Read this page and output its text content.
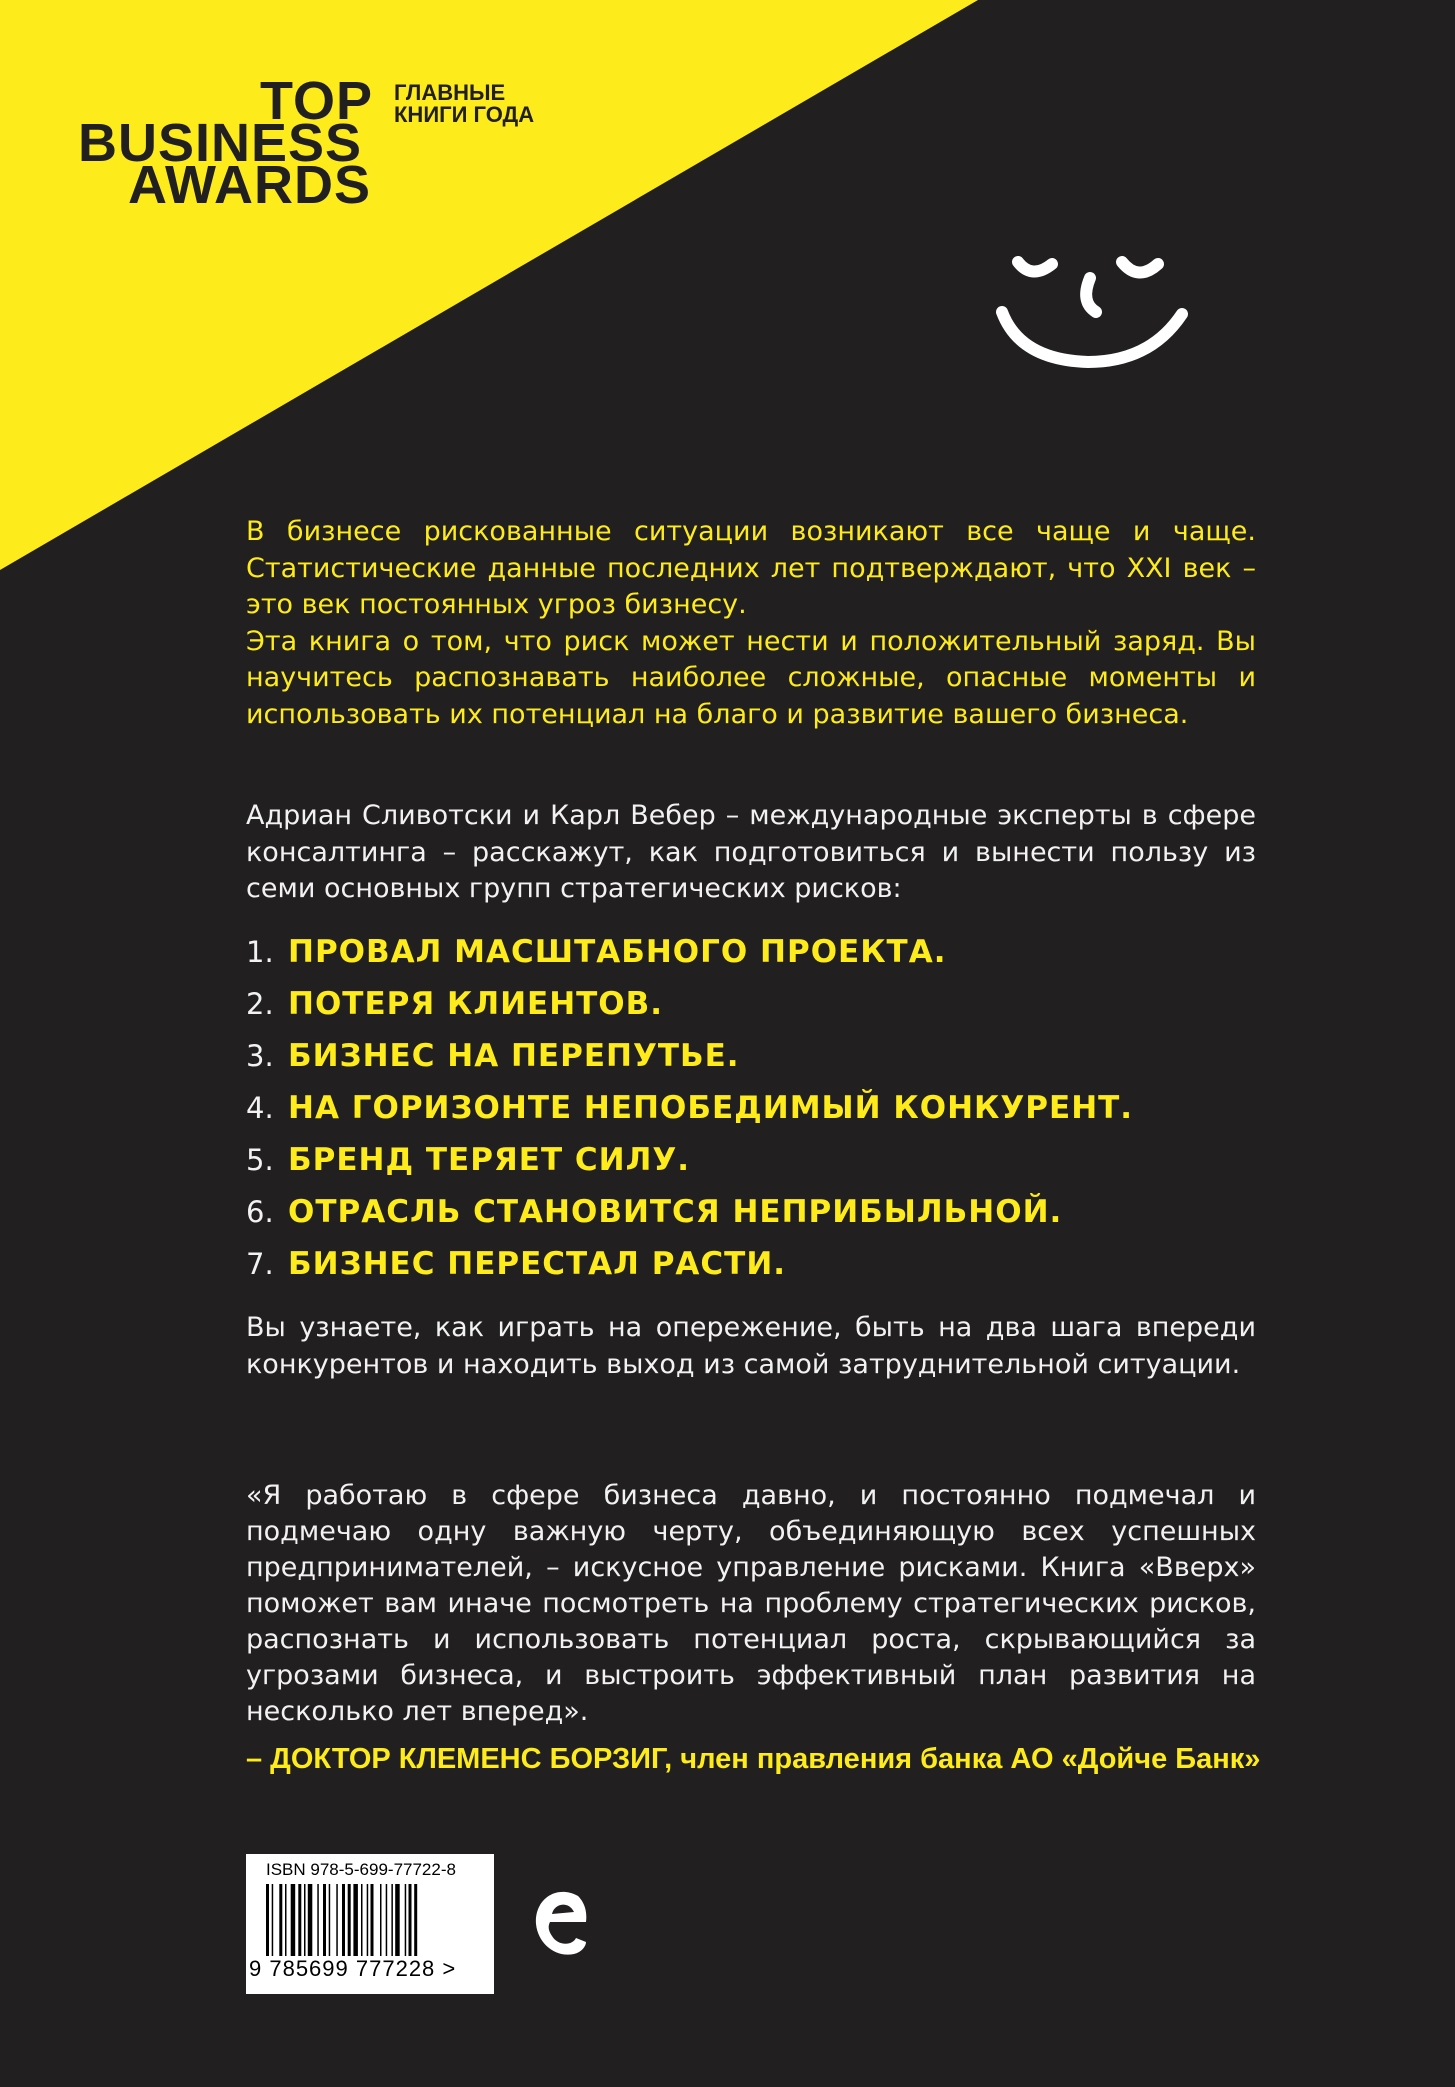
TOP
BUSINESS
AWARDS
ГЛАВНЫЕ
КНИГИ ГОДА
В бизнесе рискованные ситуации возникают все чаще и чаще. Статистические данные последних лет подтверждают, что XXI век – это век постоянных угроз бизнесу.
Эта книга о том, что риск может нести и положительный заряд. Вы научитесь распознавать наиболее сложные, опасные моменты и использовать их потенциал на благо и развитие вашего бизнеса.
Адриан Сливотски и Карл Вебер – международные эксперты в сфере консалтинга – расскажут, как подготовиться и вынести пользу из семи основных групп стратегических рисков:
1. ПРОВАЛ МАСШТАБНОГО ПРОЕКТА.
2. ПОТЕРЯ КЛИЕНТОВ.
3. БИЗНЕС НА ПЕРЕПУТЬЕ.
4. НА ГОРИЗОНТЕ НЕПОБЕДИМЫЙ КОНКУРЕНТ.
5. БРЕНД ТЕРЯЕТ СИЛУ.
6. ОТРАСЛЬ СТАНОВИТСЯ НЕПРИБЫЛЬНОЙ.
7. БИЗНЕС ПЕРЕСТАЛ РАСТИ.
Вы узнаете, как играть на опережение, быть на два шага впереди конкурентов и находить выход из самой затруднительной ситуации.
«Я работаю в сфере бизнеса давно, и постоянно подмечал и подмечаю одну важную черту, объединяющую всех успешных предпринимателей, – искусное управление рисками. Книга «Вверх» поможет вам иначе посмотреть на проблему стратегических рисков, распознать и использовать потенциал роста, скрывающийся за угрозами бизнеса, и выстроить эффективный план развития на несколько лет вперед».
– ДОКТОР КЛЕМЕНС БОРЗИГ, член правления банка АО «Дойче Банк»
ISBN 978-5-699-77722-8
9 785699 777228 >
